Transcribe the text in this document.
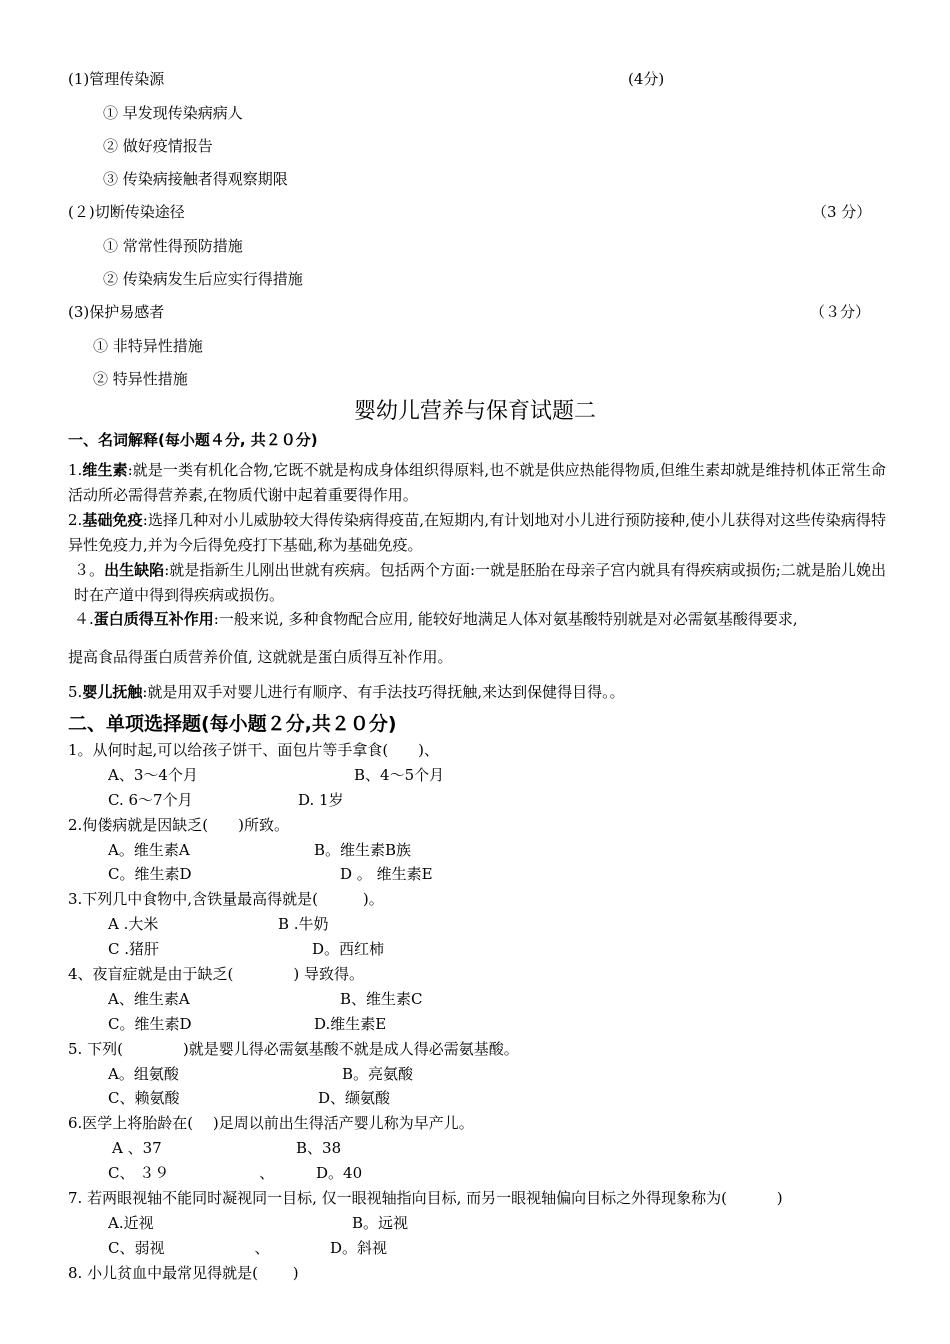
(1)管理传染源	(4分)
① 早发现传染病病人
② 做好疫情报告
③ 传染病接触者得观察期限
(２)切断传染途径	（3 分）
① 常常性得预防措施
② 传染病发生后应实行得措施
(3)保护易感者	（３分）
① 非特异性措施
② 特异性措施
婴幼儿营养与保育试题二
一、名词解释(每小题４分, 共２０分)
1.维生素:就是一类有机化合物,它既不就是构成身体组织得原料,也不就是供应热能得物质,但维生素却就是维持机体正常生命活动所必需得营养素,在物质代谢中起着重要得作用。
2.基础免疫:选择几种对小儿威胁较大得传染病得疫苗,在短期内,有计划地对小儿进行预防接种,使小儿获得对这些传染病得特异性免疫力,并为今后得免疫打下基础,称为基础免疫。
３。出生缺陷:就是指新生儿刚出世就有疾病。包括两个方面:一就是胚胎在母亲子宫内就具有得疾病或损伤;二就是胎儿娩出时在产道中得到得疾病或损伤。
４.蛋白质得互补作用:一般来说, 多种食物配合应用, 能较好地满足人体对氨基酸特别就是对必需氨基酸得要求,
提高食品得蛋白质营养价值, 这就就是蛋白质得互补作用。
5.婴儿抚触:就是用双手对婴儿进行有顺序、有手法技巧得抚触,来达到保健得目得。。
二、单项选择题(每小题２分,共２０分)
1。从何时起,可以给孩子饼干、面包片等手拿食(　　)、
A、3～4个月	B、4～5个月
C. 6～7个月	D. 1岁
2.佝偻病就是因缺乏(　　)所致。
A。维生素A	B。维生素B族
C。维生素D	D 。 维生素E
3.下列几中食物中,含铁量最高得就是(　　　)。
A .大米	B .牛奶
C .猪肝	D。西红柿
4、夜盲症就是由于缺乏(　　　　) 导致得。
A、维生素A	B、维生素C
C。维生素D	D.维生素E
5. 下列(　　　　)就是婴儿得必需氨基酸不就是成人得必需氨基酸。
A。组氨酸	B。亮氨酸
C、赖氨酸	D、缬氨酸
6.医学上将胎龄在(　 )足周以前出生得活产婴儿称为早产儿。
A 、37	B、38
C、 ３９　　　　　　、	D。40
7. 若两眼视轴不能同时凝视同一目标, 仅一眼视轴指向目标, 而另一眼视轴偏向目标之外得现象称为(　　　 )
A.近视	B。远视
C、弱视　　　　　　、	D。斜视
8. 小儿贫血中最常见得就是(　　 )
